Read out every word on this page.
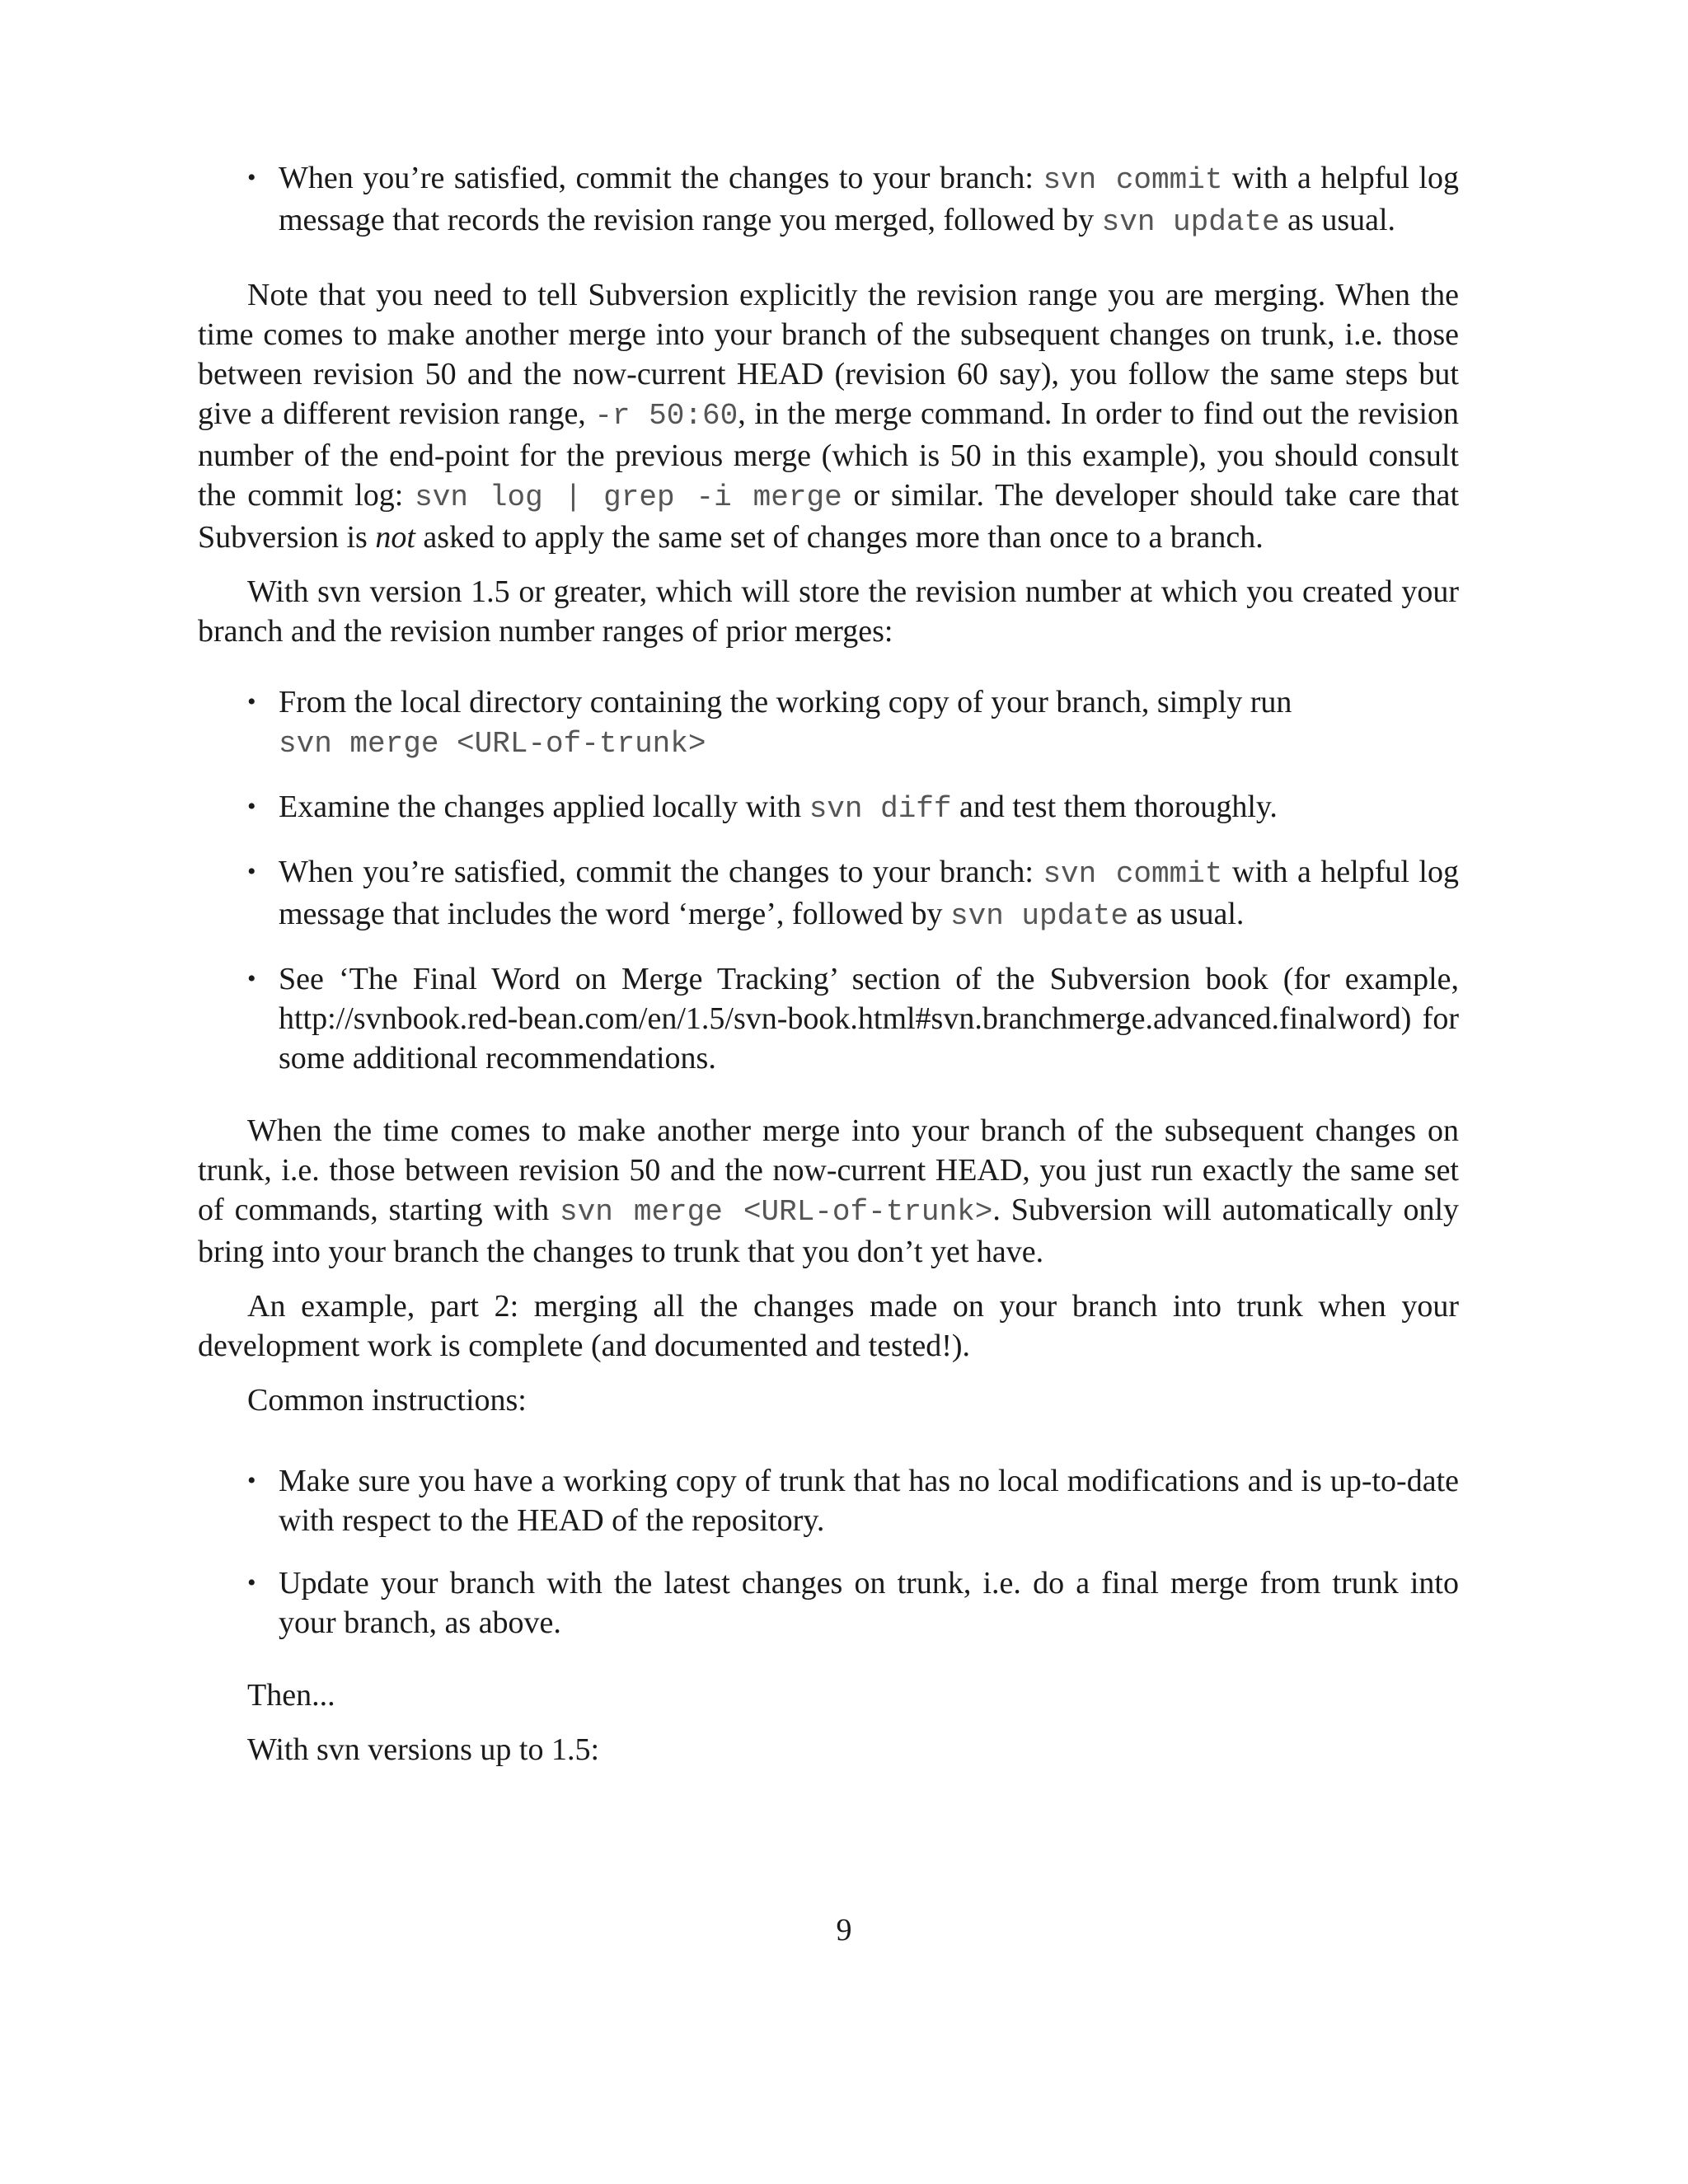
• When you’re satisfied, commit the changes to your branch: svn commit with a helpful log message that records the revision range you merged, followed by svn update as usual.

Note that you need to tell Subversion explicitly the revision range you are merging. When the time comes to make another merge into your branch of the subsequent changes on trunk, i.e. those between revision 50 and the now-current HEAD (revision 60 say), you follow the same steps but give a different revision range, -r 50:60, in the merge command. In order to find out the revision number of the end-point for the previous merge (which is 50 in this example), you should consult the commit log: svn log | grep -i merge or similar. The developer should take care that Subversion is not asked to apply the same set of changes more than once to a branch.

With svn version 1.5 or greater, which will store the revision number at which you created your branch and the revision number ranges of prior merges:

• From the local directory containing the working copy of your branch, simply run
svn merge <URL-of-trunk>
• Examine the changes applied locally with svn diff and test them thoroughly.
• When you’re satisfied, commit the changes to your branch: svn commit with a helpful log message that includes the word ‘merge’, followed by svn update as usual.
• See ‘The Final Word on Merge Tracking’ section of the Subversion book (for example, http://svnbook.red-bean.com/en/1.5/svn-book.html#svn.branchmerge.advanced.finalword) for some additional recommendations.

When the time comes to make another merge into your branch of the subsequent changes on trunk, i.e. those between revision 50 and the now-current HEAD, you just run exactly the same set of commands, starting with svn merge <URL-of-trunk>. Subversion will automatically only bring into your branch the changes to trunk that you don’t yet have.

An example, part 2: merging all the changes made on your branch into trunk when your development work is complete (and documented and tested!).

Common instructions:

• Make sure you have a working copy of trunk that has no local modifications and is up-to-date with respect to the HEAD of the repository.
• Update your branch with the latest changes on trunk, i.e. do a final merge from trunk into your branch, as above.

Then...

With svn versions up to 1.5:

9
